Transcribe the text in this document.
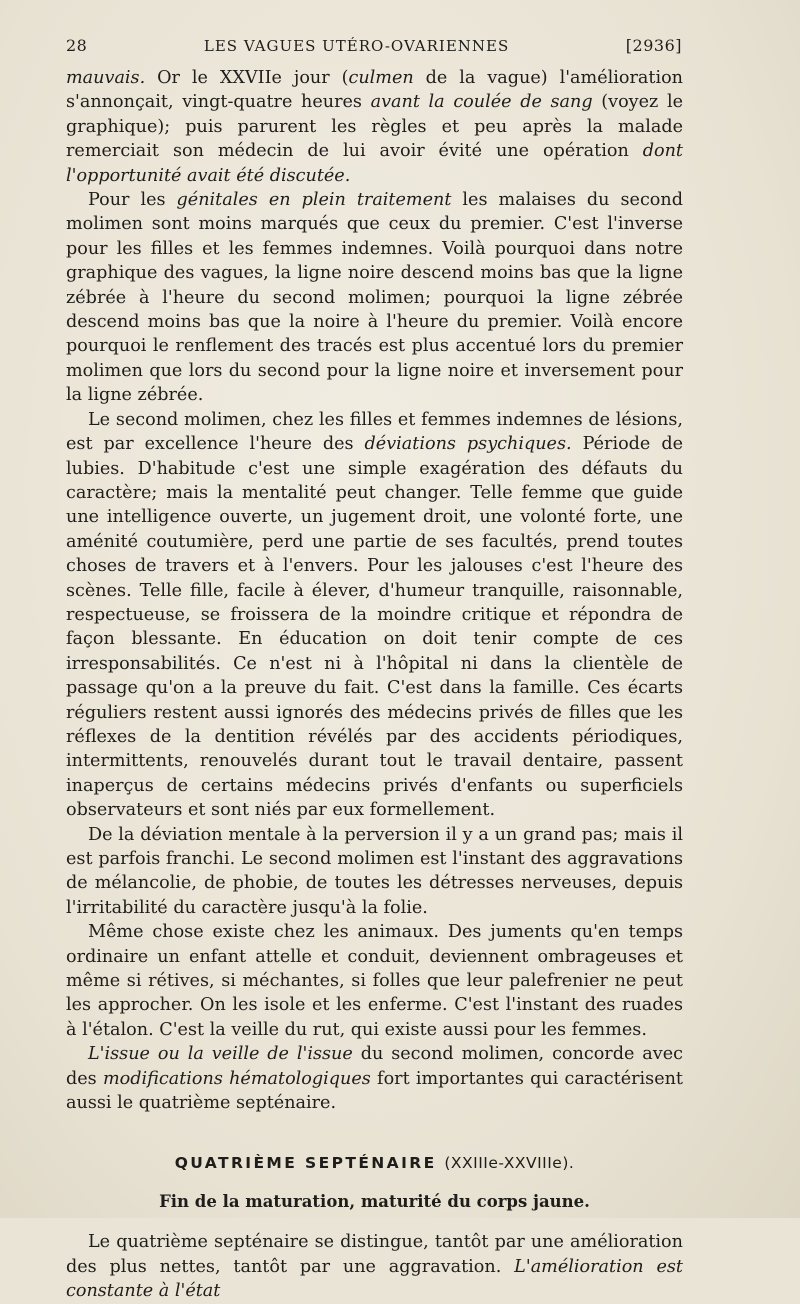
28	LES VAGUES UTÉRO-OVARIENNES	[2936]

mauvais. Or le XXVIIe jour (culmen de la vague) l'amélioration s'annonçait, vingt-quatre heures avant la coulée de sang (voyez le graphique); puis parurent les règles et peu après la malade remerciait son médecin de lui avoir évité une opération dont l'opportunité avait été discutée.

Pour les génitales en plein traitement les malaises du second molimen sont moins marqués que ceux du premier. C'est l'inverse pour les filles et les femmes indemnes. Voilà pourquoi dans notre graphique des vagues, la ligne noire descend moins bas que la ligne zébrée à l'heure du second molimen; pourquoi la ligne zébrée descend moins bas que la noire à l'heure du premier. Voilà encore pourquoi le renflement des tracés est plus accentué lors du premier molimen que lors du second pour la ligne noire et inversement pour la ligne zébrée.

Le second molimen, chez les filles et femmes indemnes de lésions, est par excellence l'heure des déviations psychiques. Période de lubies. D'habitude c'est une simple exagération des défauts du caractère; mais la mentalité peut changer. Telle femme que guide une intelligence ouverte, un jugement droit, une volonté forte, une aménité coutumière, perd une partie de ses facultés, prend toutes choses de travers et à l'envers. Pour les jalouses c'est l'heure des scènes. Telle fille, facile à élever, d'humeur tranquille, raisonnable, respectueuse, se froissera de la moindre critique et répondra de façon blessante. En éducation on doit tenir compte de ces irresponsabilités. Ce n'est ni à l'hôpital ni dans la clientèle de passage qu'on a la preuve du fait. C'est dans la famille. Ces écarts réguliers restent aussi ignorés des médecins privés de filles que les réflexes de la dentition révélés par des accidents périodiques, intermittents, renouvelés durant tout le travail dentaire, passent inaperçus de certains médecins privés d'enfants ou superficiels observateurs et sont niés par eux formellement.

De la déviation mentale à la perversion il y a un grand pas; mais il est parfois franchi. Le second molimen est l'instant des aggravations de mélancolie, de phobie, de toutes les détresses nerveuses, depuis l'irritabilité du caractère jusqu'à la folie.

Même chose existe chez les animaux. Des juments qu'en temps ordinaire un enfant attelle et conduit, deviennent ombrageuses et même si rétives, si méchantes, si folles que leur palefrenier ne peut les approcher. On les isole et les enferme. C'est l'instant des ruades à l'étalon. C'est la veille du rut, qui existe aussi pour les femmes.

L'issue ou la veille de l'issue du second molimen, concorde avec des modifications hématologiques fort importantes qui caractérisent aussi le quatrième septénaire.

QUATRIÈME SEPTÉNAIRE (XXIIIe-XXVIIIe).
Fin de la maturation, maturité du corps jaune.

Le quatrième septénaire se distingue, tantôt par une amélioration des plus nettes, tantôt par une aggravation. L'amélioration est constante à l'état
